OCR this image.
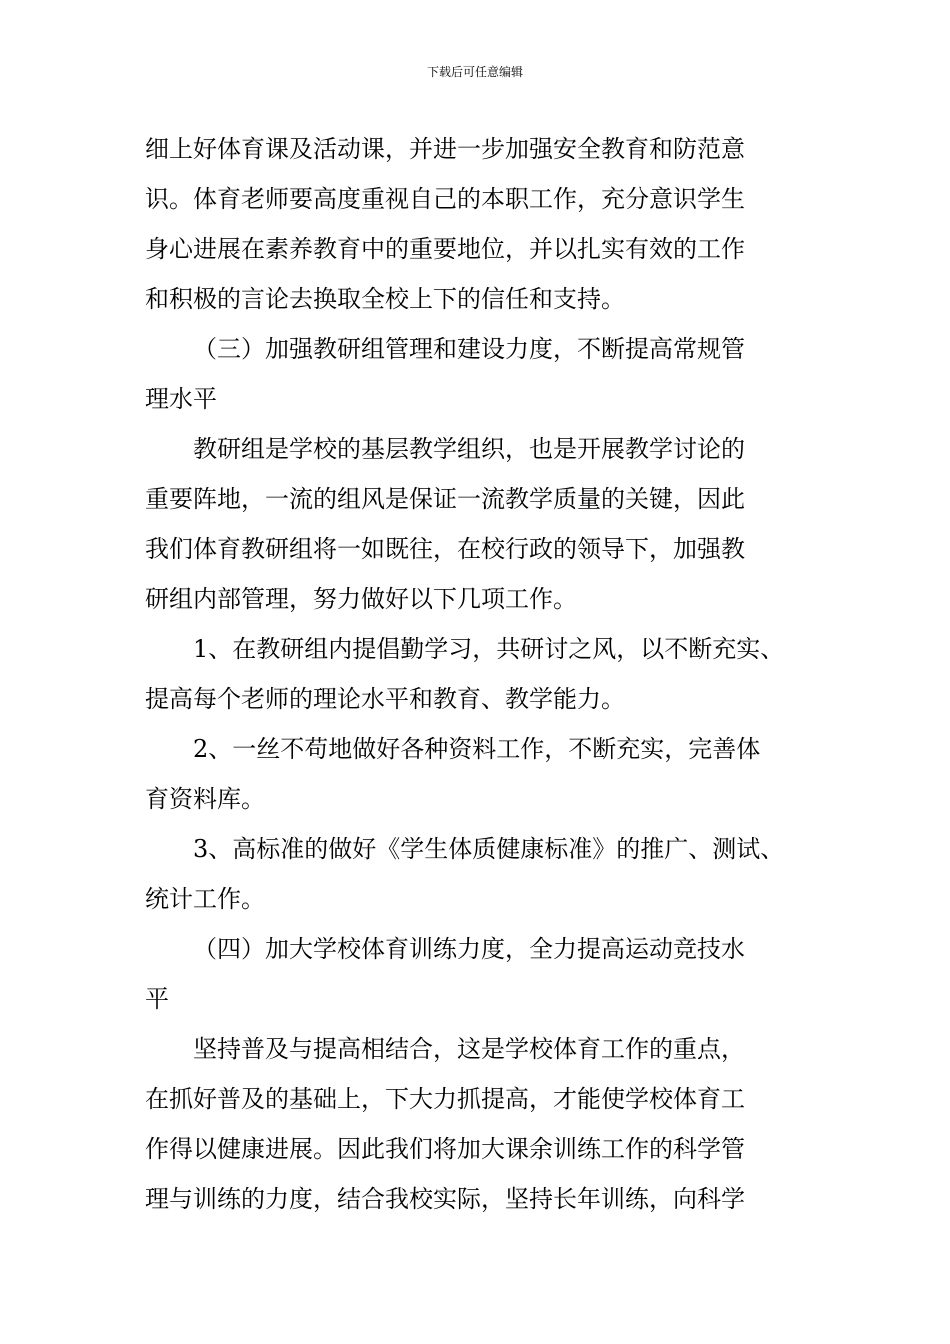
下载后可任意编辑
细上好体育课及活动课，并进一步加强安全教育和防范意
识。体育老师要高度重视自己的本职工作，充分意识学生
身心进展在素养教育中的重要地位，并以扎实有效的工作
和积极的言论去换取全校上下的信任和支持。
（三）加强教研组管理和建设力度，不断提高常规管
理水平
教研组是学校的基层教学组织，也是开展教学讨论的
重要阵地，一流的组风是保证一流教学质量的关键，因此
我们体育教研组将一如既往，在校行政的领导下，加强教
研组内部管理，努力做好以下几项工作。
1、在教研组内提倡勤学习，共研讨之风，以不断充实、
提高每个老师的理论水平和教育、教学能力。
2、一丝不苟地做好各种资料工作，不断充实，完善体
育资料库。
3、高标准的做好《学生体质健康标准》的推广、测试、
统计工作。
（四）加大学校体育训练力度，全力提高运动竞技水
平
坚持普及与提高相结合，这是学校体育工作的重点，
在抓好普及的基础上，下大力抓提高，才能使学校体育工
作得以健康进展。因此我们将加大课余训练工作的科学管
理与训练的力度，结合我校实际，坚持长年训练，向科学
